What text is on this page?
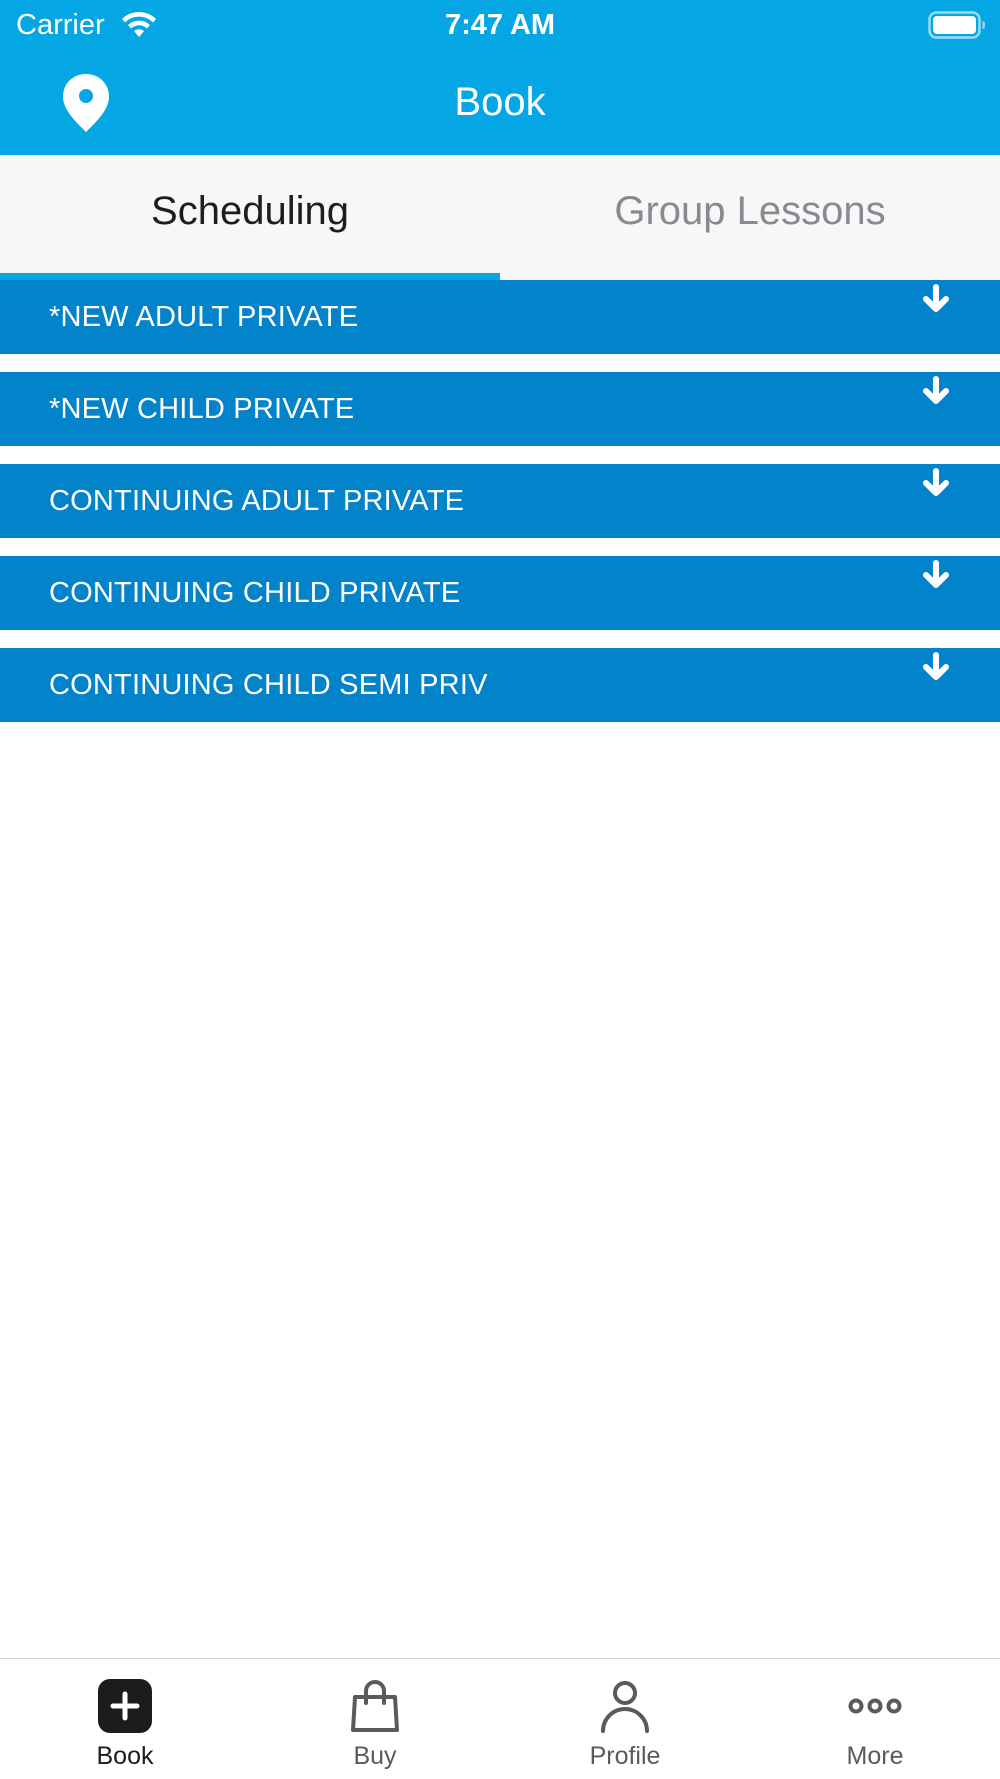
Carrier	7:47 AM
Book
Scheduling	Group Lessons
*NEW ADULT PRIVATE
*NEW CHILD PRIVATE
CONTINUING ADULT PRIVATE
CONTINUING CHILD PRIVATE
CONTINUING CHILD SEMI PRIV
Book	Buy	Profile	More
